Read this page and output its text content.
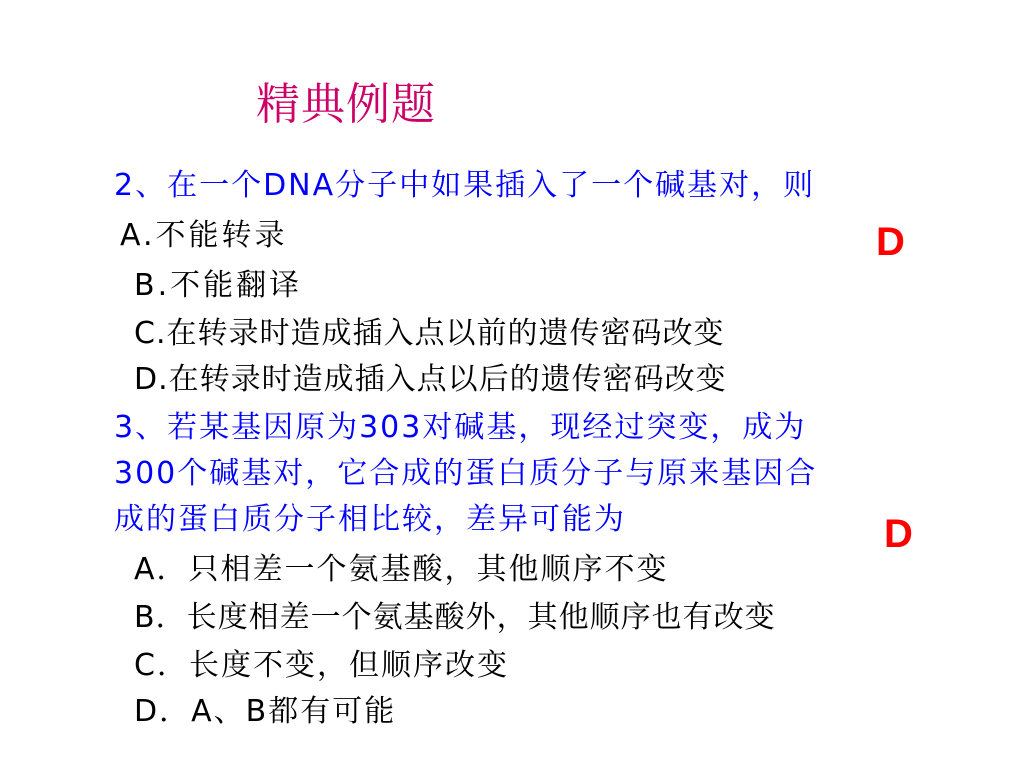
精典例题
2、在一个DNA分子中如果插入了一个碱基对，则
A.不能转录
B.不能翻译
C.在转录时造成插入点以前的遗传密码改变
D.在转录时造成插入点以后的遗传密码改变
D
3、若某基因原为303对碱基，现经过突变，成为
300个碱基对，它合成的蛋白质分子与原来基因合
成的蛋白质分子相比较，差异可能为	D
A．只相差一个氨基酸，其他顺序不变
B．长度相差一个氨基酸外，其他顺序也有改变
C．长度不变，但顺序改变
D．A、B都有可能
